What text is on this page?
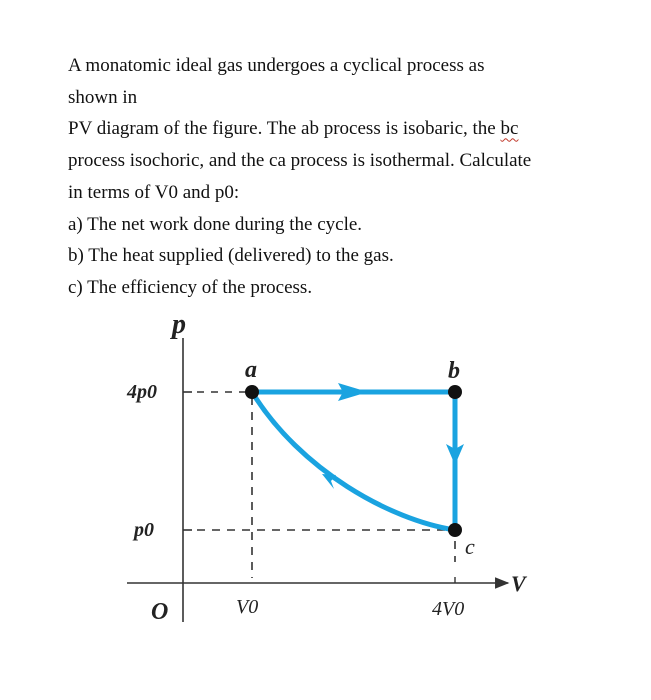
A monatomic ideal gas undergoes a cyclical process as

shown in

PV diagram of the figure. The ab process is isobaric, the bc

process isochoric, and the ca process is isothermal. Calculate

in terms of V0 and p0:

a) The net work done during the cycle.

b) The heat supplied (delivered) to the gas.

c) The efficiency of the process.

p
V
O
4p0
p0
V0	4V0
a	b
c
